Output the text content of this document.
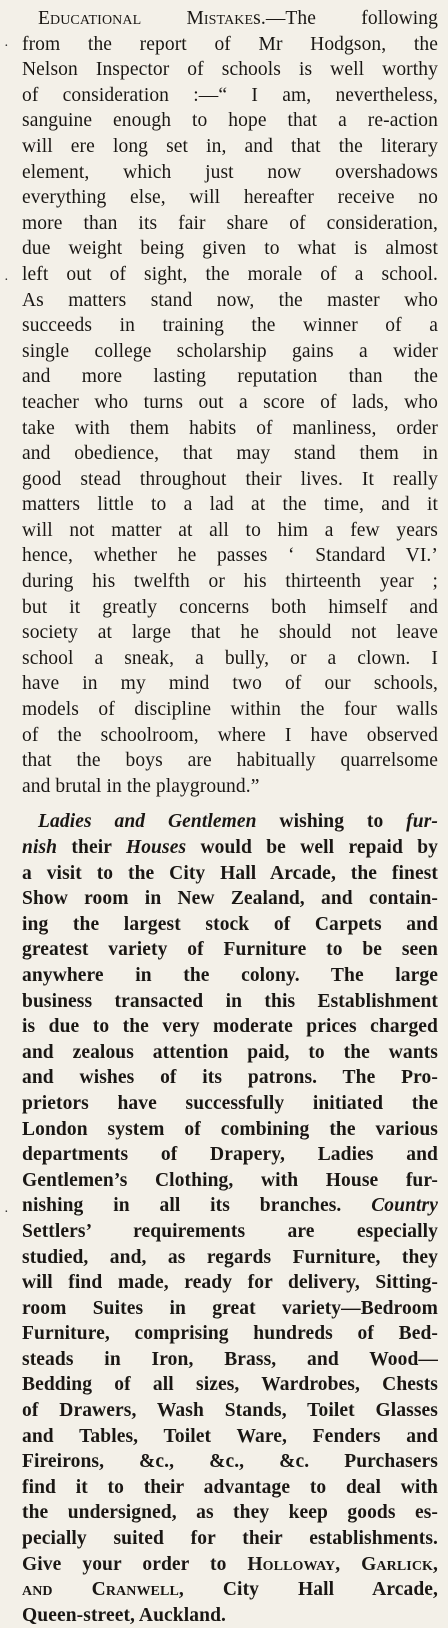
·
·
·
Educational Mistakes.—The following
from the report of Mr Hodgson, the
Nelson Inspector of schools is well worthy
of consideration :—“ I am, nevertheless,
sanguine enough to hope that a re-action
will ere long set in, and that the literary
element, which just now overshadows
everything else, will hereafter receive no
more than its fair share of consideration,
due weight being given to what is almost
left out of sight, the morale of a school.
As matters stand now, the master who
succeeds in training the winner of a
single college scholarship gains a wider
and more lasting reputation than the
teacher who turns out a score of lads, who
take with them habits of manliness, order
and obedience, that may stand them in
good stead throughout their lives. It really
matters little to a lad at the time, and it
will not matter at all to him a few years
hence, whether he passes ‘ Standard VI.’
during his twelfth or his thirteenth year ;
but it greatly concerns both himself and
society at large that he should not leave
school a sneak, a bully, or a clown. I
have in my mind two of our schools,
models of discipline within the four walls
of the schoolroom, where I have observed
that the boys are habitually quarrelsome
and brutal in the playground.”
Ladies and Gentlemen wishing to fur-
nish their Houses would be well repaid by
a visit to the City Hall Arcade, the finest
Show room in New Zealand, and contain-
ing the largest stock of Carpets and
greatest variety of Furniture to be seen
anywhere in the colony. The large
business transacted in this Establishment
is due to the very moderate prices charged
and zealous attention paid, to the wants
and wishes of its patrons. The Pro-
prietors have successfully initiated the
London system of combining the various
departments of Drapery, Ladies and
Gentlemen’s Clothing, with House fur-
nishing in all its branches. Country
Settlers’ requirements are especially
studied, and, as regards Furniture, they
will find made, ready for delivery, Sitting-
room Suites in great variety—Bedroom
Furniture, comprising hundreds of Bed-
steads in Iron, Brass, and Wood—
Bedding of all sizes, Wardrobes, Chests
of Drawers, Wash Stands, Toilet Glasses
and Tables, Toilet Ware, Fenders and
Fireirons, &c., &c., &c. Purchasers
find it to their advantage to deal with
the undersigned, as they keep goods es-
pecially suited for their establishments.
Give your order to Holloway, Garlick,
and Cranwell, City Hall Arcade,
Queen-street, Auckland.
